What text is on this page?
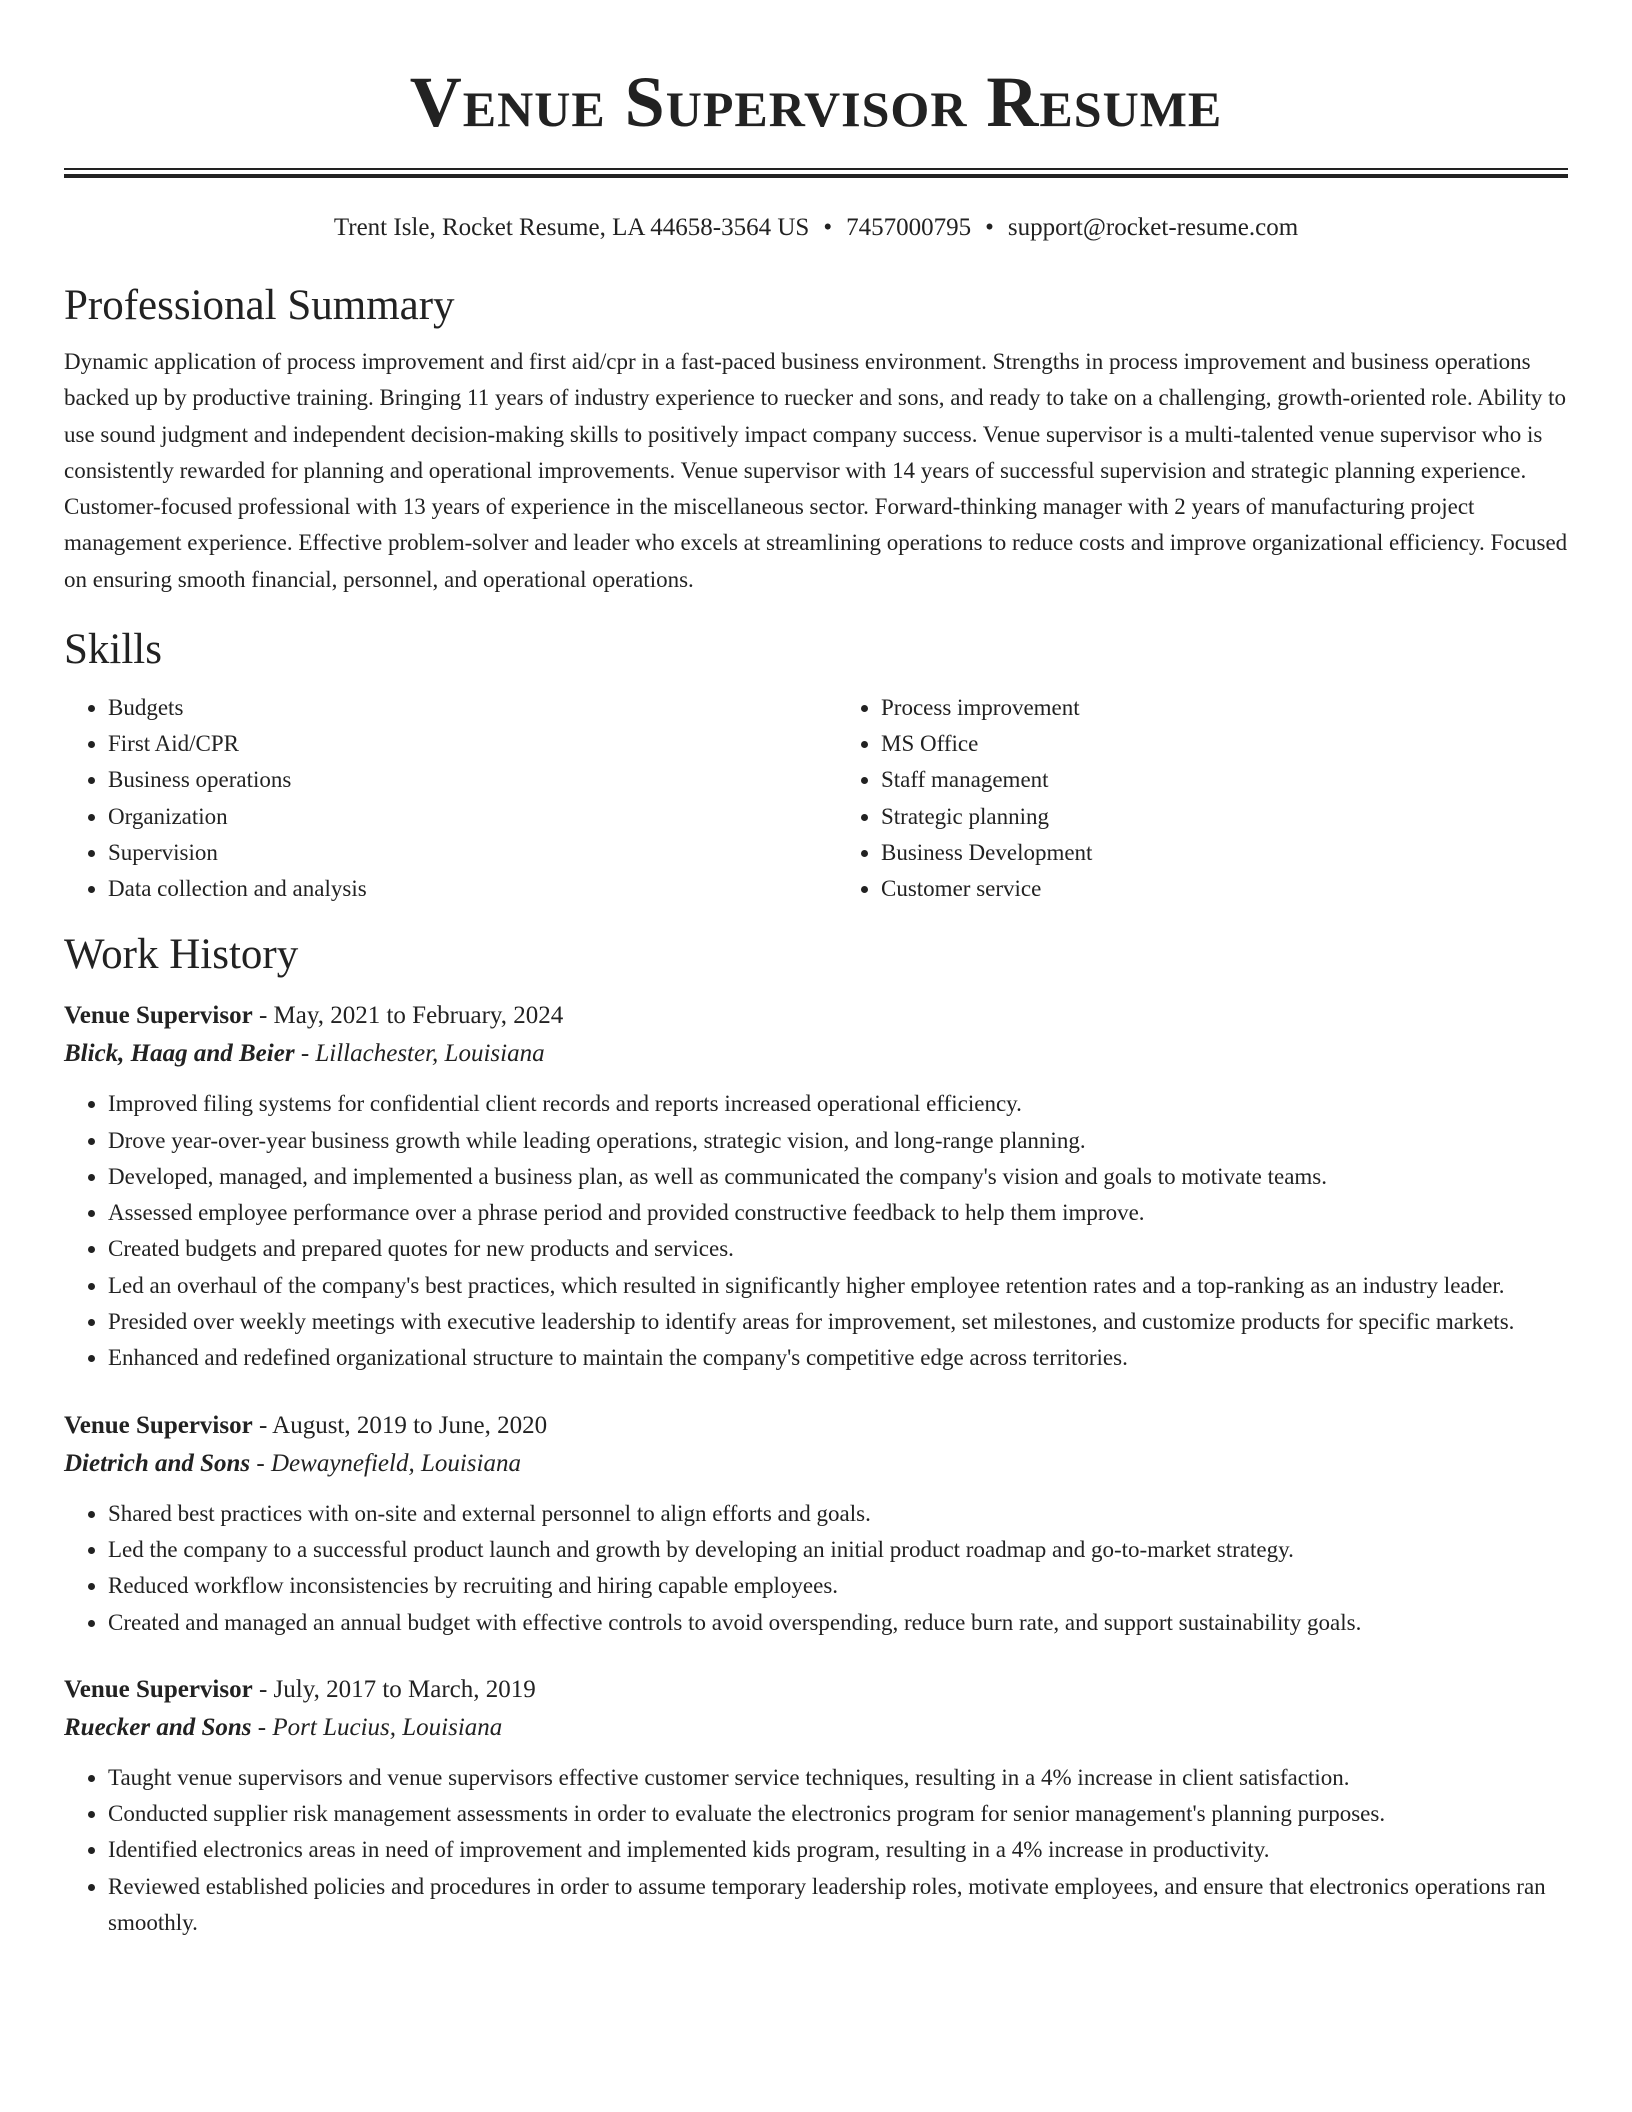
Venue Supervisor Resume
Trent Isle, Rocket Resume, LA 44658-3564 US • 7457000795 • support@rocket-resume.com
Professional Summary

Dynamic application of process improvement and first aid/cpr in a fast-paced business environment. Strengths in process improvement and business operations backed up by productive training. Bringing 11 years of industry experience to ruecker and sons, and ready to take on a challenging, growth-oriented role. Ability to use sound judgment and independent decision-making skills to positively impact company success. Venue supervisor is a multi-talented venue supervisor who is consistently rewarded for planning and operational improvements. Venue supervisor with 14 years of successful supervision and strategic planning experience. Customer-focused professional with 13 years of experience in the miscellaneous sector. Forward-thinking manager with 2 years of manufacturing project management experience. Effective problem-solver and leader who excels at streamlining operations to reduce costs and improve organizational efficiency. Focused on ensuring smooth financial, personnel, and operational operations.

Skills
• Budgets
• First Aid/CPR
• Business operations
• Organization
• Supervision
• Data collection and analysis
• Process improvement
• MS Office
• Staff management
• Strategic planning
• Business Development
• Customer service
Work History
Venue Supervisor - May, 2021 to February, 2024
Blick, Haag and Beier - Lillachester, Louisiana
• Improved filing systems for confidential client records and reports increased operational efficiency.
• Drove year-over-year business growth while leading operations, strategic vision, and long-range planning.
• Developed, managed, and implemented a business plan, as well as communicated the company's vision and goals to motivate teams.
• Assessed employee performance over a phrase period and provided constructive feedback to help them improve.
• Created budgets and prepared quotes for new products and services.
• Led an overhaul of the company's best practices, which resulted in significantly higher employee retention rates and a top-ranking as an industry leader.
• Presided over weekly meetings with executive leadership to identify areas for improvement, set milestones, and customize products for specific markets.
• Enhanced and redefined organizational structure to maintain the company's competitive edge across territories.
Venue Supervisor - August, 2019 to June, 2020
Dietrich and Sons - Dewaynefield, Louisiana
• Shared best practices with on-site and external personnel to align efforts and goals.
• Led the company to a successful product launch and growth by developing an initial product roadmap and go-to-market strategy.
• Reduced workflow inconsistencies by recruiting and hiring capable employees.
• Created and managed an annual budget with effective controls to avoid overspending, reduce burn rate, and support sustainability goals.
Venue Supervisor - July, 2017 to March, 2019
Ruecker and Sons - Port Lucius, Louisiana
• Taught venue supervisors and venue supervisors effective customer service techniques, resulting in a 4% increase in client satisfaction.
• Conducted supplier risk management assessments in order to evaluate the electronics program for senior management's planning purposes.
• Identified electronics areas in need of improvement and implemented kids program, resulting in a 4% increase in productivity.
• Reviewed established policies and procedures in order to assume temporary leadership roles, motivate employees, and ensure that electronics operations ran smoothly.
